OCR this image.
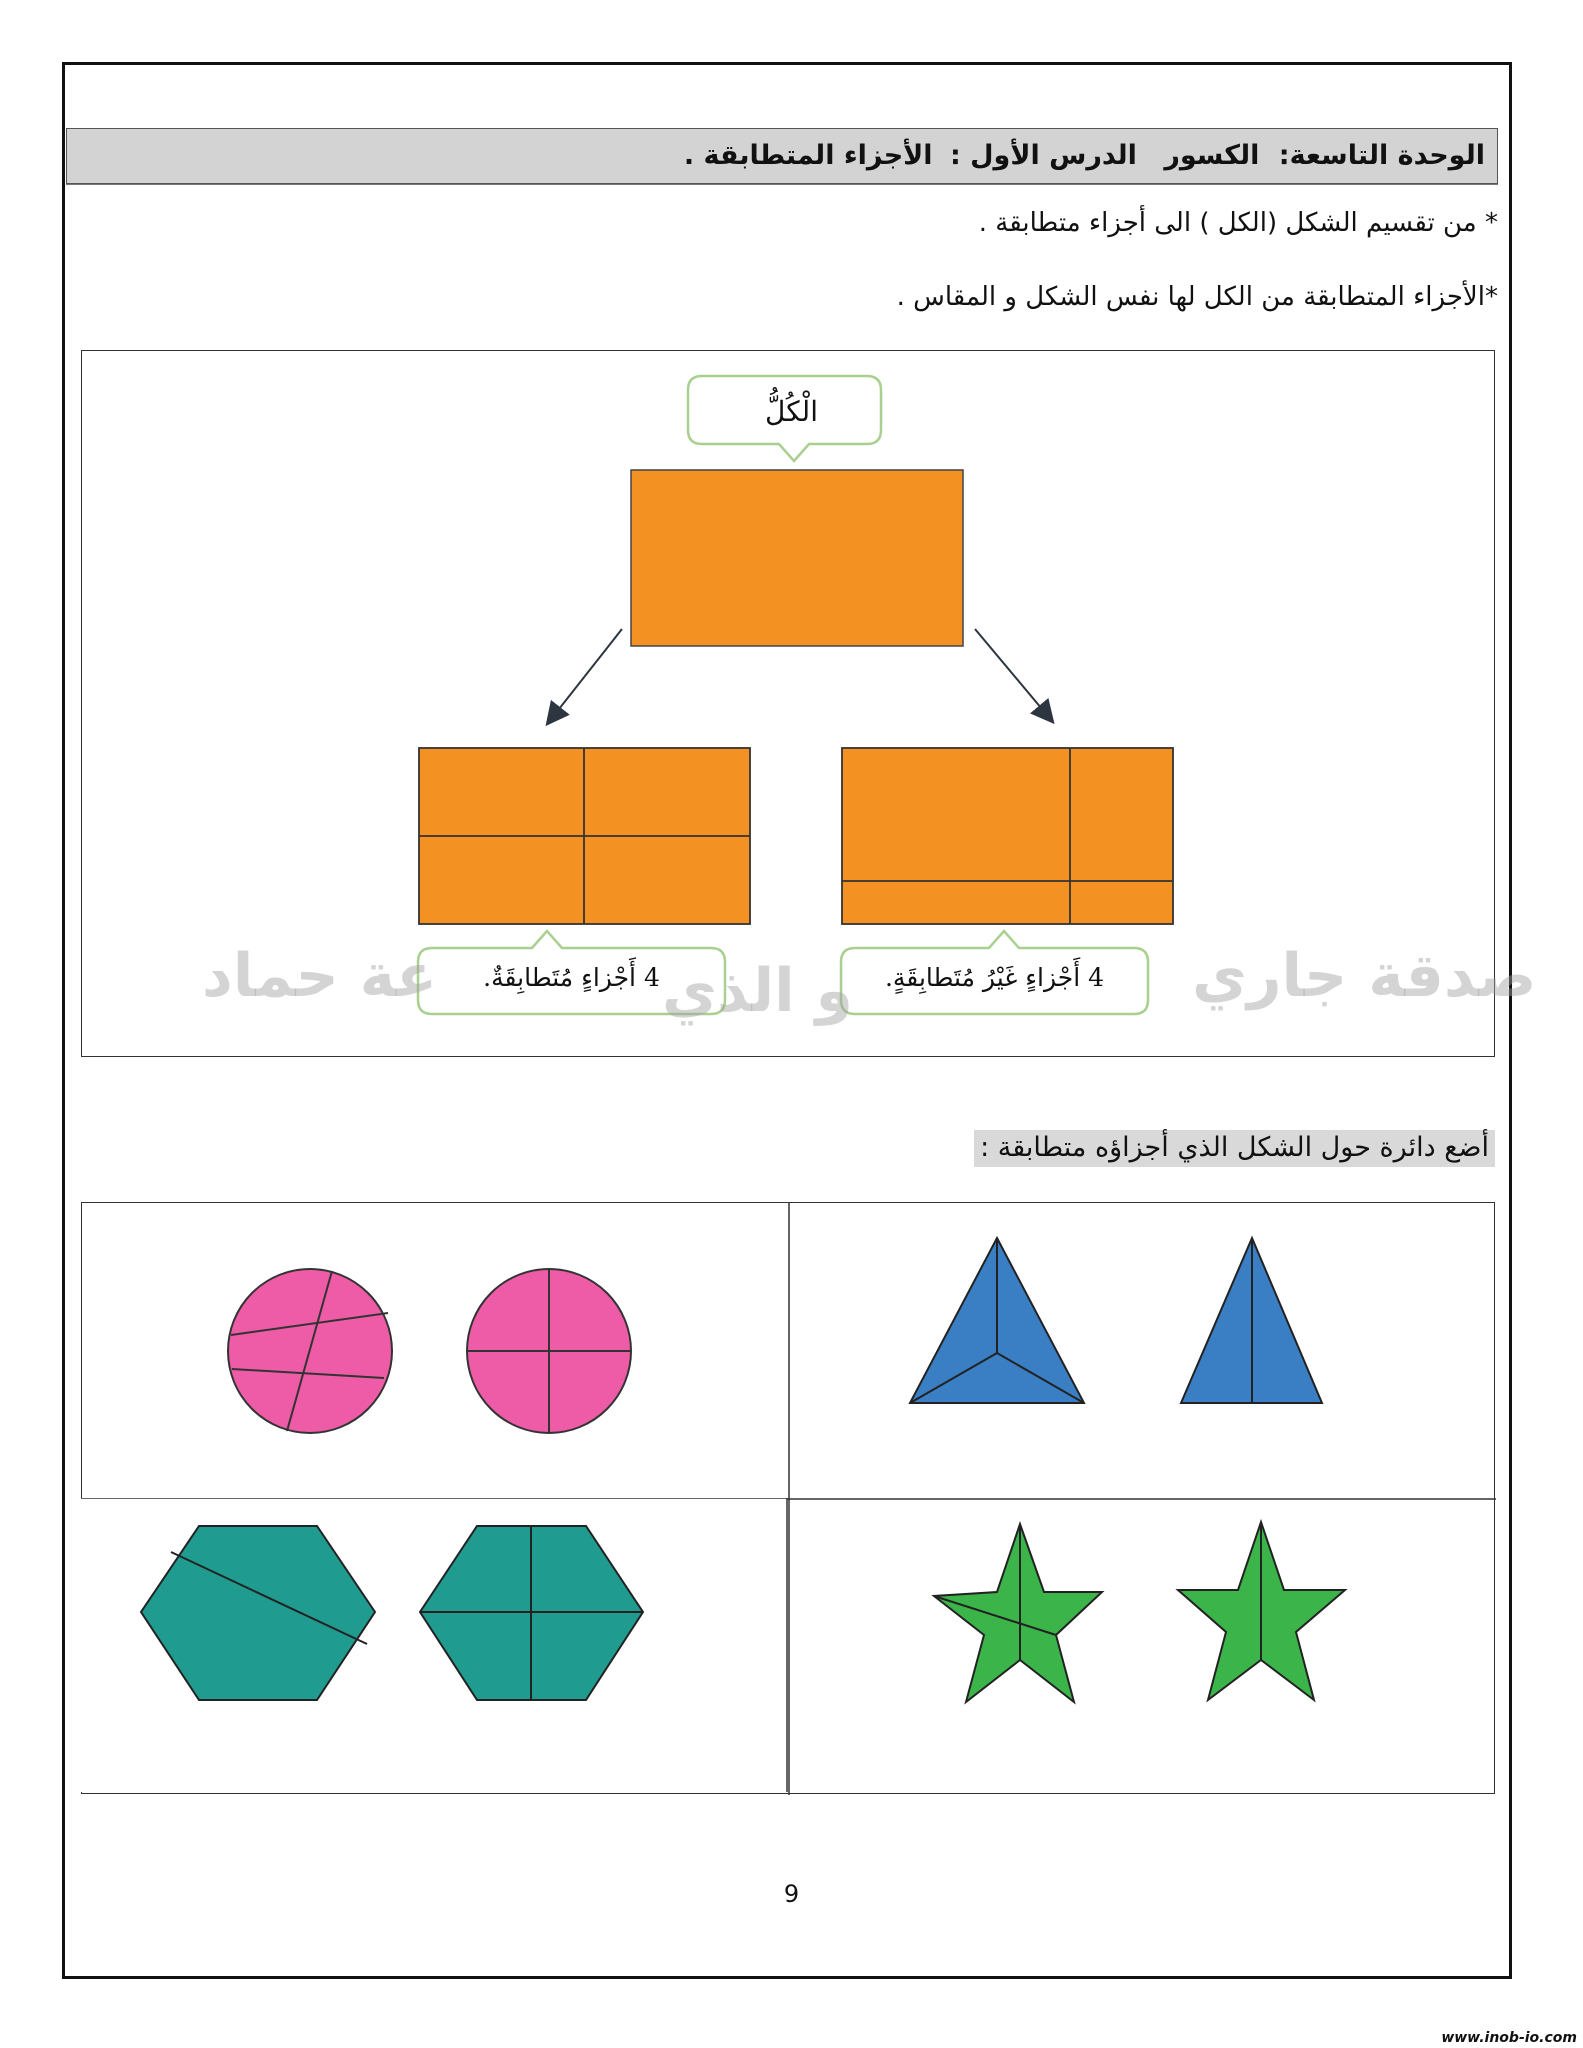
الوحدة التاسعة: الكسور الدرس الأول : الأجزاء المتطابقة .
* من تقسيم الشكل (الكل ) الى أجزاء متطابقة .
*الأجزاء المتطابقة من الكل لها نفس الشكل و المقاس .
عة حماد	و الذي	صدقة جاري
الْكُلُّ
4 أَجْزاءٍ مُتَطابِقَةٌ.	4 أَجْزاءٍ غَيْرُ مُتَطابِقَةٍ.
أضع دائرة حول الشكل الذي أجزاؤه متطابقة :
9
www.inob-io.com
